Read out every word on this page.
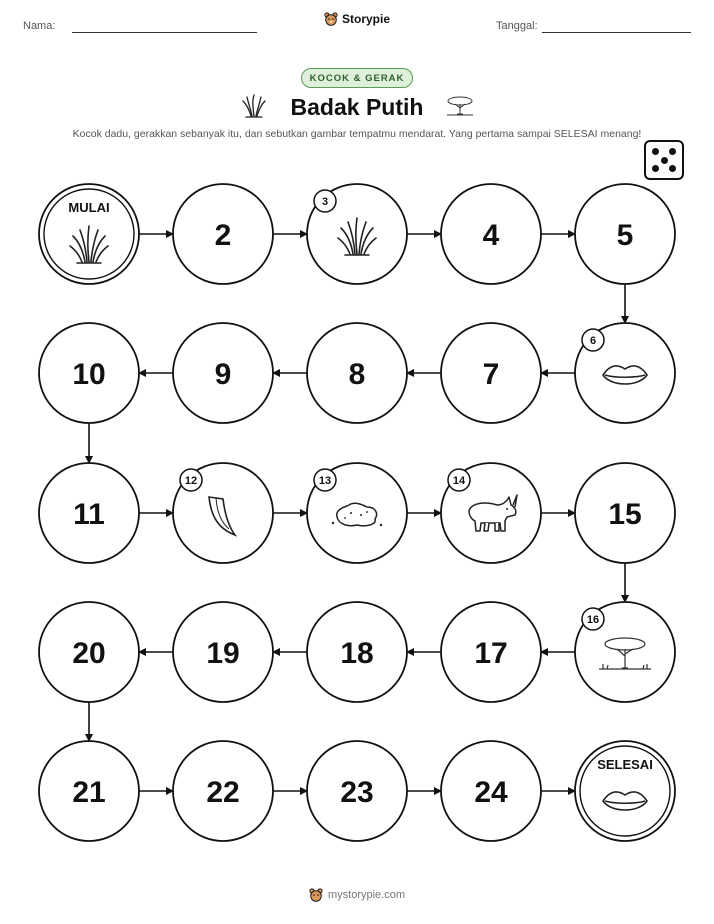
Nama:	Storypie	Tanggal:
KOCOK & GERAK
Badak Putih
Kocok dadu, gerakkan sebanyak itu, dan sebutkan gambar tempatmu mendarat. Yang pertama sampai SELESAI menang!
MULAI
2
3
4	5
6
7
8
9
10
11
12	13	14
15
16
17
18
19
20
21	22	23	24
SELESAI
mystorypie.com
